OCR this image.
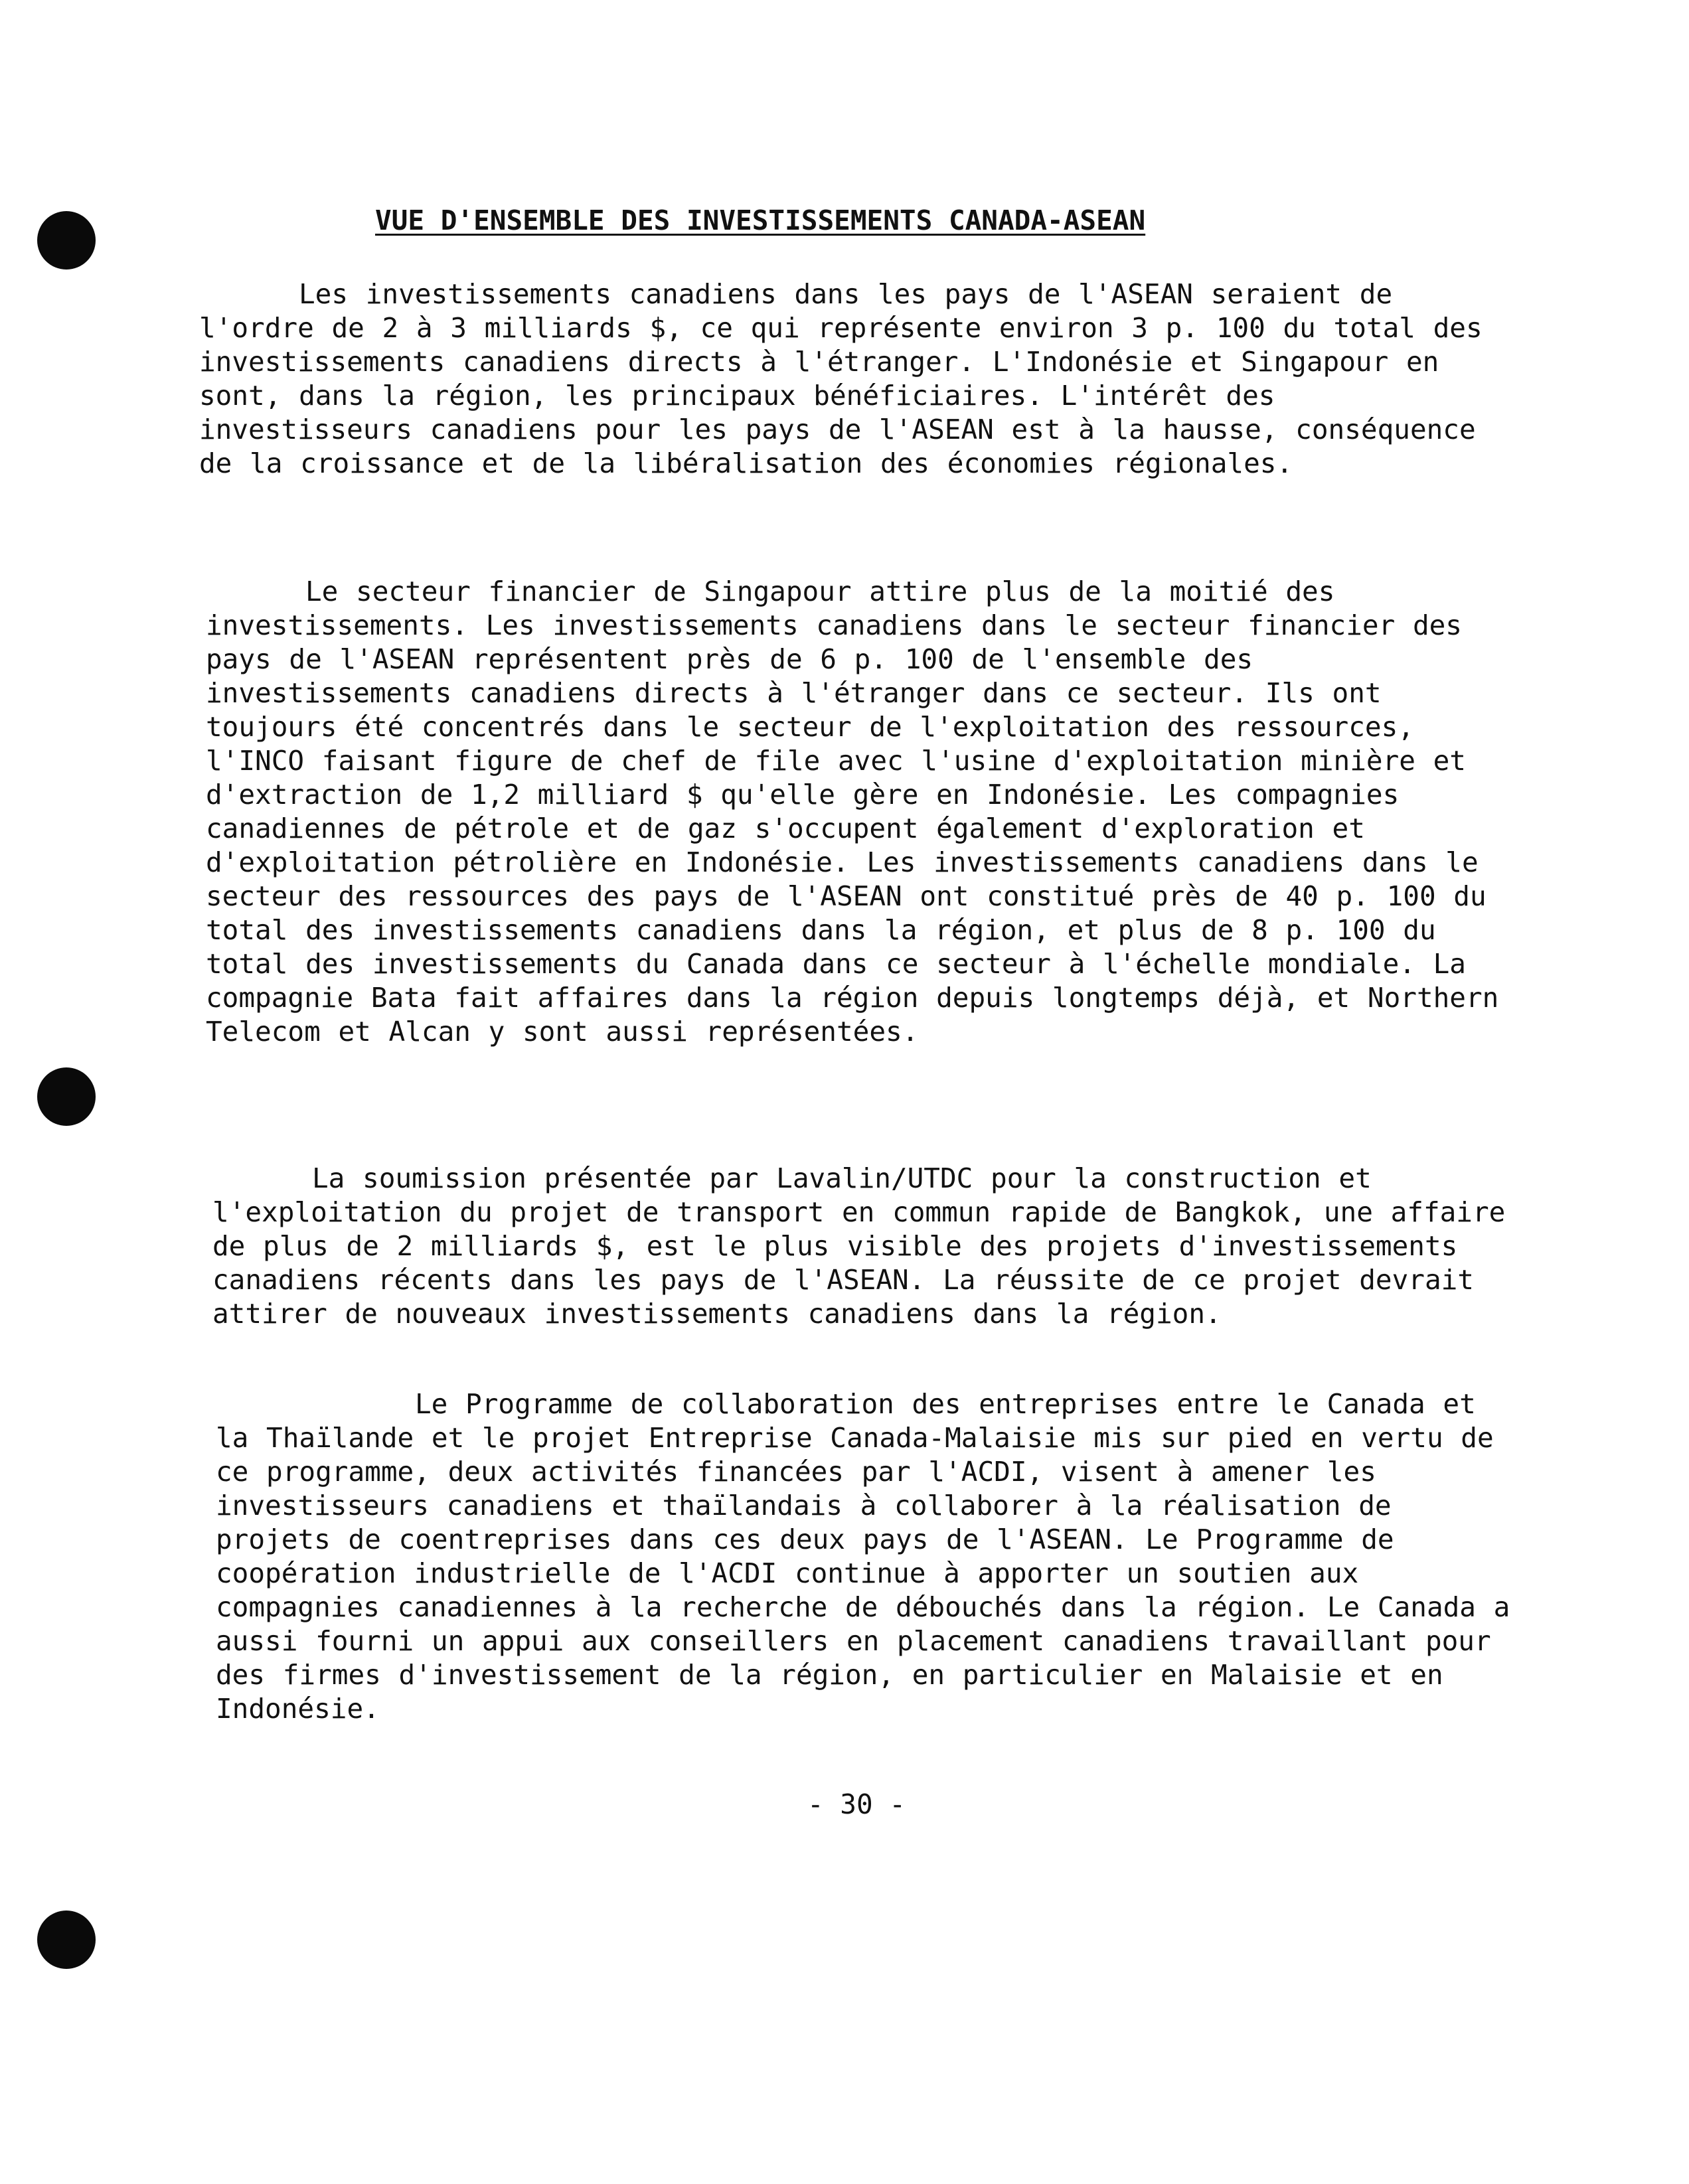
VUE D'ENSEMBLE DES INVESTISSEMENTS CANADA-ASEAN

Les investissements canadiens dans les pays de l'ASEAN seraient de l'ordre de 2 à 3 milliards $, ce qui représente environ 3 p. 100 du total des investissements canadiens directs à l'étranger. L'Indonésie et Singapour en sont, dans la région, les principaux bénéficiaires. L'intérêt des investisseurs canadiens pour les pays de l'ASEAN est à la hausse, conséquence de la croissance et de la libéralisation des économies régionales.

Le secteur financier de Singapour attire plus de la moitié des investissements. Les investissements canadiens dans le secteur financier des pays de l'ASEAN représentent près de 6 p. 100 de l'ensemble des investissements canadiens directs à l'étranger dans ce secteur. Ils ont toujours été concentrés dans le secteur de l'exploitation des ressources, l'INCO faisant figure de chef de file avec l'usine d'exploitation minière et d'extraction de 1,2 milliard $ qu'elle gère en Indonésie. Les compagnies canadiennes de pétrole et de gaz s'occupent également d'exploration et d'exploitation pétrolière en Indonésie. Les investissements canadiens dans le secteur des ressources des pays de l'ASEAN ont constitué près de 40 p. 100 du total des investissements canadiens dans la région, et plus de 8 p. 100 du total des investissements du Canada dans ce secteur à l'échelle mondiale. La compagnie Bata fait affaires dans la région depuis longtemps déjà, et Northern Telecom et Alcan y sont aussi représentées.

La soumission présentée par Lavalin/UTDC pour la construction et l'exploitation du projet de transport en commun rapide de Bangkok, une affaire de plus de 2 milliards $, est le plus visible des projets d'investissements canadiens récents dans les pays de l'ASEAN. La réussite de ce projet devrait attirer de nouveaux investissements canadiens dans la région.

Le Programme de collaboration des entreprises entre le Canada et la Thaïlande et le projet Entreprise Canada-Malaisie mis sur pied en vertu de ce programme, deux activités financées par l'ACDI, visent à amener les investisseurs canadiens et thaïlandais à collaborer à la réalisation de projets de coentreprises dans ces deux pays de l'ASEAN. Le Programme de coopération industrielle de l'ACDI continue à apporter un soutien aux compagnies canadiennes à la recherche de débouchés dans la région. Le Canada a aussi fourni un appui aux conseillers en placement canadiens travaillant pour des firmes d'investissement de la région, en particulier en Malaisie et en Indonésie.

- 30 -
